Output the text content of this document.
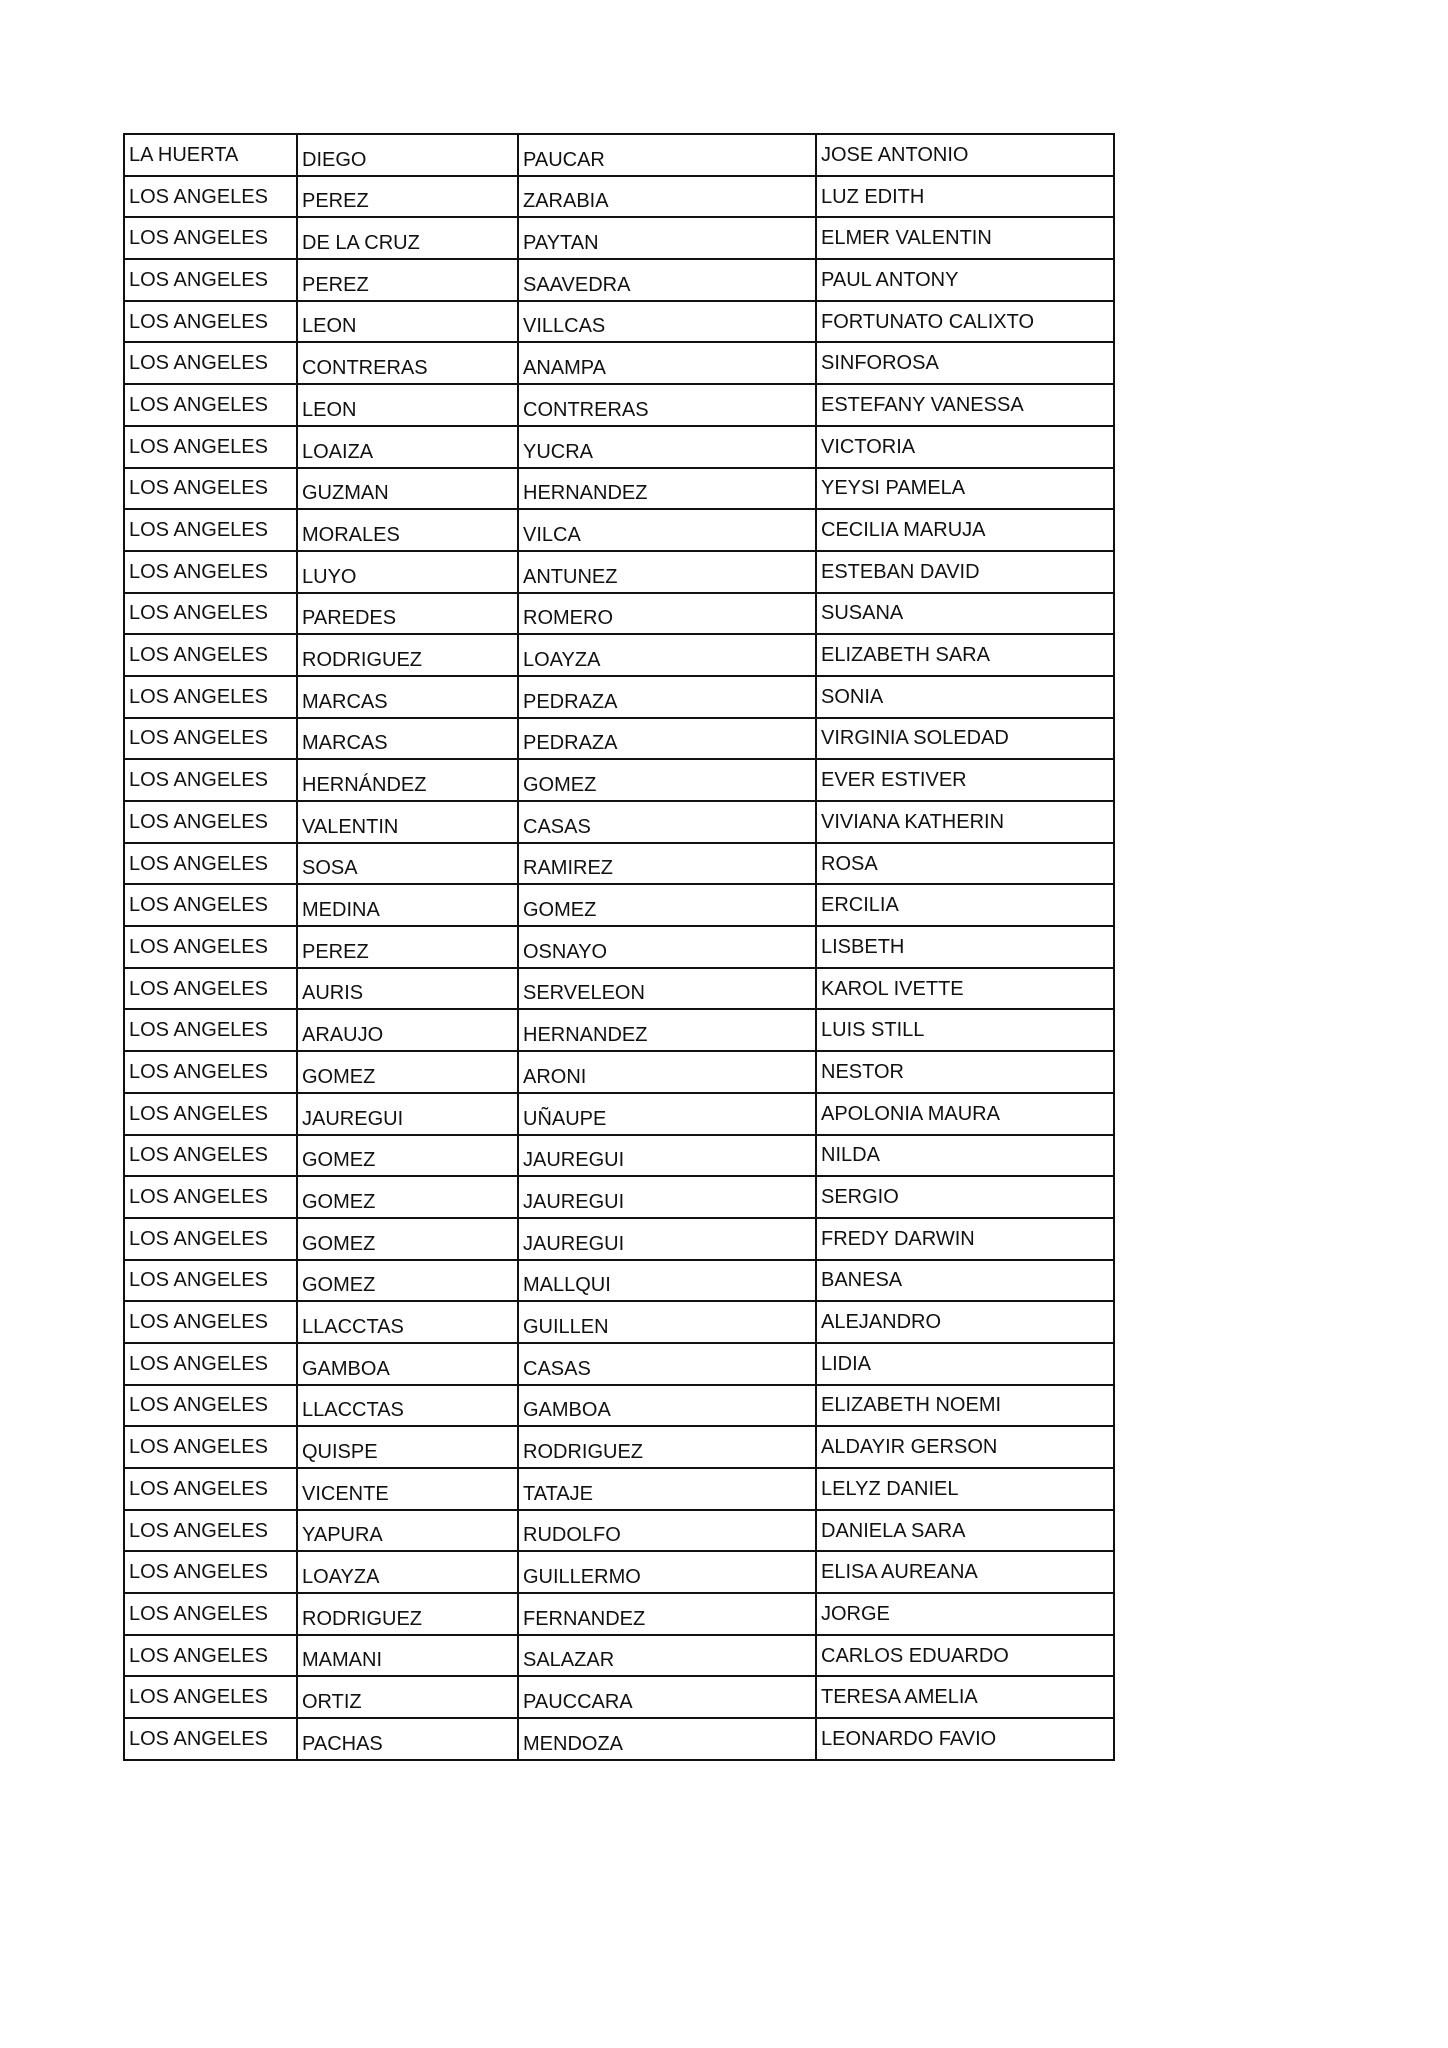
LA HUERTA	DIEGO	PAUCAR	JOSE ANTONIO
LOS ANGELES	PEREZ	ZARABIA	LUZ EDITH
LOS ANGELES	DE LA CRUZ	PAYTAN	ELMER VALENTIN
LOS ANGELES	PEREZ	SAAVEDRA	PAUL ANTONY
LOS ANGELES	LEON	VILLCAS	FORTUNATO CALIXTO
LOS ANGELES	CONTRERAS	ANAMPA	SINFOROSA
LOS ANGELES	LEON	CONTRERAS	ESTEFANY VANESSA
LOS ANGELES	LOAIZA	YUCRA	VICTORIA
LOS ANGELES	GUZMAN	HERNANDEZ	YEYSI PAMELA
LOS ANGELES	MORALES	VILCA	CECILIA MARUJA
LOS ANGELES	LUYO	ANTUNEZ	ESTEBAN DAVID
LOS ANGELES	PAREDES	ROMERO	SUSANA
LOS ANGELES	RODRIGUEZ	LOAYZA	ELIZABETH SARA
LOS ANGELES	MARCAS	PEDRAZA	SONIA
LOS ANGELES	MARCAS	PEDRAZA	VIRGINIA SOLEDAD
LOS ANGELES	HERNÁNDEZ	GOMEZ	EVER ESTIVER
LOS ANGELES	VALENTIN	CASAS	VIVIANA KATHERIN
LOS ANGELES	SOSA	RAMIREZ	ROSA
LOS ANGELES	MEDINA	GOMEZ	ERCILIA
LOS ANGELES	PEREZ	OSNAYO	LISBETH
LOS ANGELES	AURIS	SERVELEON	KAROL IVETTE
LOS ANGELES	ARAUJO	HERNANDEZ	LUIS STILL
LOS ANGELES	GOMEZ	ARONI	NESTOR
LOS ANGELES	JAUREGUI	UÑAUPE	APOLONIA MAURA
LOS ANGELES	GOMEZ	JAUREGUI	NILDA
LOS ANGELES	GOMEZ	JAUREGUI	SERGIO
LOS ANGELES	GOMEZ	JAUREGUI	FREDY DARWIN
LOS ANGELES	GOMEZ	MALLQUI	BANESA
LOS ANGELES	LLACCTAS	GUILLEN	ALEJANDRO
LOS ANGELES	GAMBOA	CASAS	LIDIA
LOS ANGELES	LLACCTAS	GAMBOA	ELIZABETH NOEMI
LOS ANGELES	QUISPE	RODRIGUEZ	ALDAYIR GERSON
LOS ANGELES	VICENTE	TATAJE	LELYZ DANIEL
LOS ANGELES	YAPURA	RUDOLFO	DANIELA SARA
LOS ANGELES	LOAYZA	GUILLERMO	ELISA AUREANA
LOS ANGELES	RODRIGUEZ	FERNANDEZ	JORGE
LOS ANGELES	MAMANI	SALAZAR	CARLOS EDUARDO
LOS ANGELES	ORTIZ	PAUCCARA	TERESA AMELIA
LOS ANGELES	PACHAS	MENDOZA	LEONARDO FAVIO
